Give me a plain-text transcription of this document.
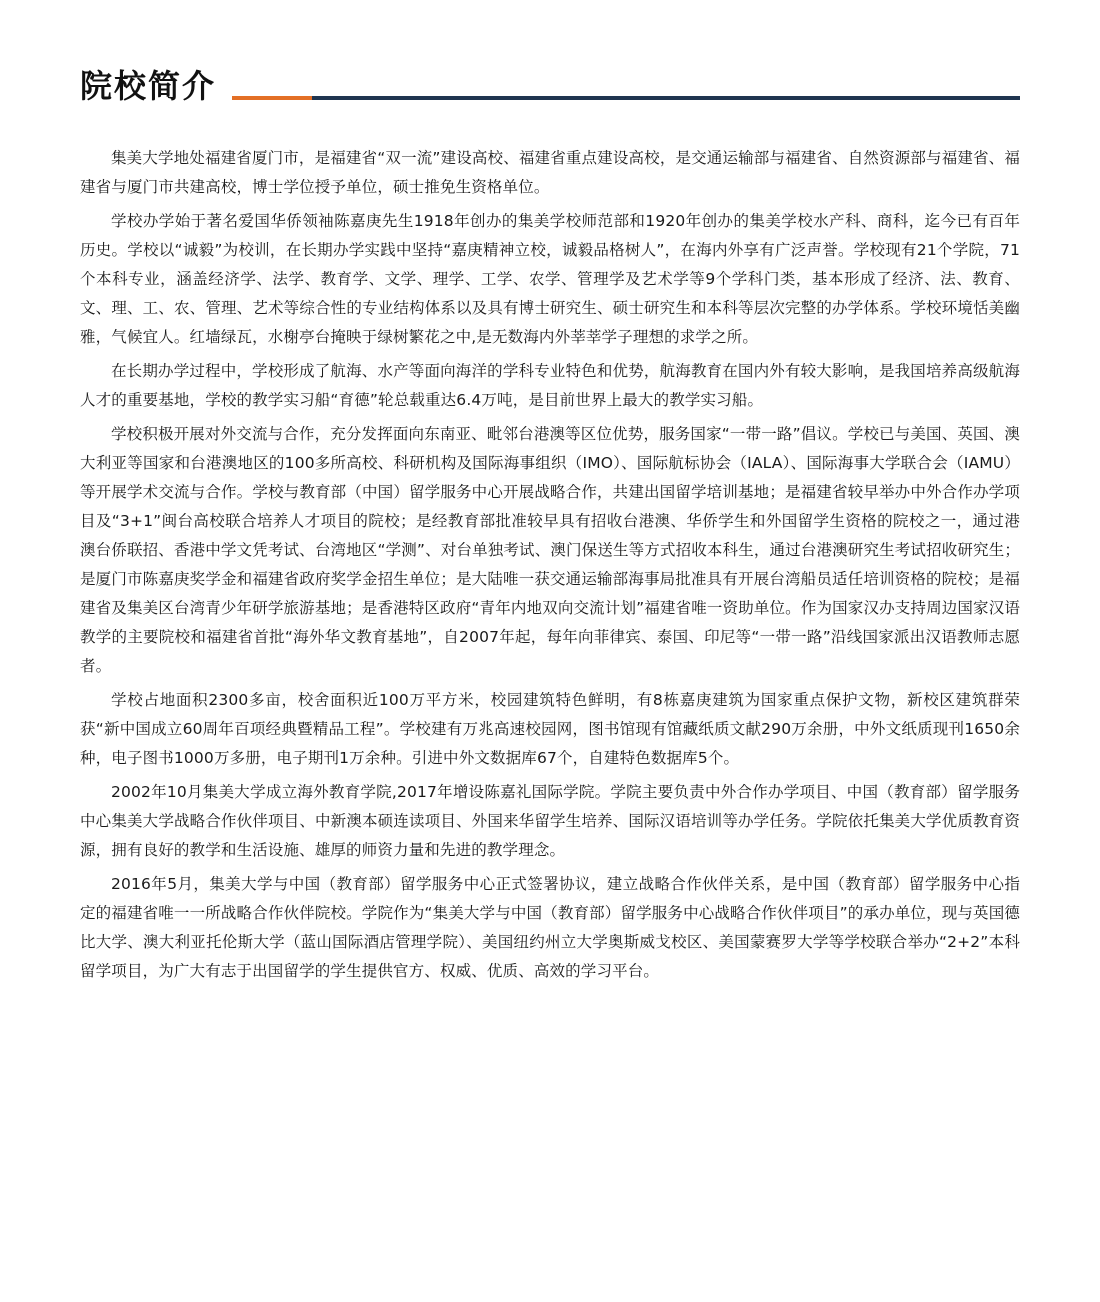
院校简介

集美大学地处福建省厦门市，是福建省“双一流”建设高校、福建省重点建设高校，是交通运输部与福建省、自然资源部与福建省、福建省与厦门市共建高校，博士学位授予单位，硕士推免生资格单位。

学校办学始于著名爱国华侨领袖陈嘉庚先生1918年创办的集美学校师范部和1920年创办的集美学校水产科、商科，迄今已有百年历史。学校以“诚毅”为校训，在长期办学实践中坚持“嘉庚精神立校，诚毅品格树人”，在海内外享有广泛声誉。学校现有21个学院，71个本科专业，涵盖经济学、法学、教育学、文学、理学、工学、农学、管理学及艺术学等9个学科门类，基本形成了经济、法、教育、文、理、工、农、管理、艺术等综合性的专业结构体系以及具有博士研究生、硕士研究生和本科等层次完整的办学体系。学校环境恬美幽雅，气候宜人。红墙绿瓦，水榭亭台掩映于绿树繁花之中,是无数海内外莘莘学子理想的求学之所。

在长期办学过程中，学校形成了航海、水产等面向海洋的学科专业特色和优势，航海教育在国内外有较大影响，是我国培养高级航海人才的重要基地，学校的教学实习船“育德”轮总载重达6.4万吨，是目前世界上最大的教学实习船。

学校积极开展对外交流与合作，充分发挥面向东南亚、毗邻台港澳等区位优势，服务国家“一带一路”倡议。学校已与美国、英国、澳大利亚等国家和台港澳地区的100多所高校、科研机构及国际海事组织（IMO）、国际航标协会（IALA）、国际海事大学联合会（IAMU）等开展学术交流与合作。学校与教育部（中国）留学服务中心开展战略合作，共建出国留学培训基地；是福建省较早举办中外合作办学项目及“3+1”闽台高校联合培养人才项目的院校；是经教育部批准较早具有招收台港澳、华侨学生和外国留学生资格的院校之一，通过港澳台侨联招、香港中学文凭考试、台湾地区“学测”、对台单独考试、澳门保送生等方式招收本科生，通过台港澳研究生考试招收研究生；是厦门市陈嘉庚奖学金和福建省政府奖学金招生单位；是大陆唯一获交通运输部海事局批准具有开展台湾船员适任培训资格的院校；是福建省及集美区台湾青少年研学旅游基地；是香港特区政府“青年内地双向交流计划”福建省唯一资助单位。作为国家汉办支持周边国家汉语教学的主要院校和福建省首批“海外华文教育基地”，自2007年起，每年向菲律宾、泰国、印尼等“一带一路”沿线国家派出汉语教师志愿者。

学校占地面积2300多亩，校舍面积近100万平方米，校园建筑特色鲜明，有8栋嘉庚建筑为国家重点保护文物，新校区建筑群荣获“新中国成立60周年百项经典暨精品工程”。学校建有万兆高速校园网，图书馆现有馆藏纸质文献290万余册，中外文纸质现刊1650余种，电子图书1000万多册，电子期刊1万余种。引进中外文数据库67个，自建特色数据库5个。

2002年10月集美大学成立海外教育学院,2017年增设陈嘉礼国际学院。学院主要负责中外合作办学项目、中国（教育部）留学服务中心集美大学战略合作伙伴项目、中新澳本硕连读项目、外国来华留学生培养、国际汉语培训等办学任务。学院依托集美大学优质教育资源，拥有良好的教学和生活设施、雄厚的师资力量和先进的教学理念。

2016年5月，集美大学与中国（教育部）留学服务中心正式签署协议，建立战略合作伙伴关系，是中国（教育部）留学服务中心指定的福建省唯一一所战略合作伙伴院校。学院作为“集美大学与中国（教育部）留学服务中心战略合作伙伴项目”的承办单位，现与英国德比大学、澳大利亚托伦斯大学（蓝山国际酒店管理学院）、美国纽约州立大学奥斯威戈校区、美国蒙赛罗大学等学校联合举办“2+2”本科留学项目，为广大有志于出国留学的学生提供官方、权威、优质、高效的学习平台。
